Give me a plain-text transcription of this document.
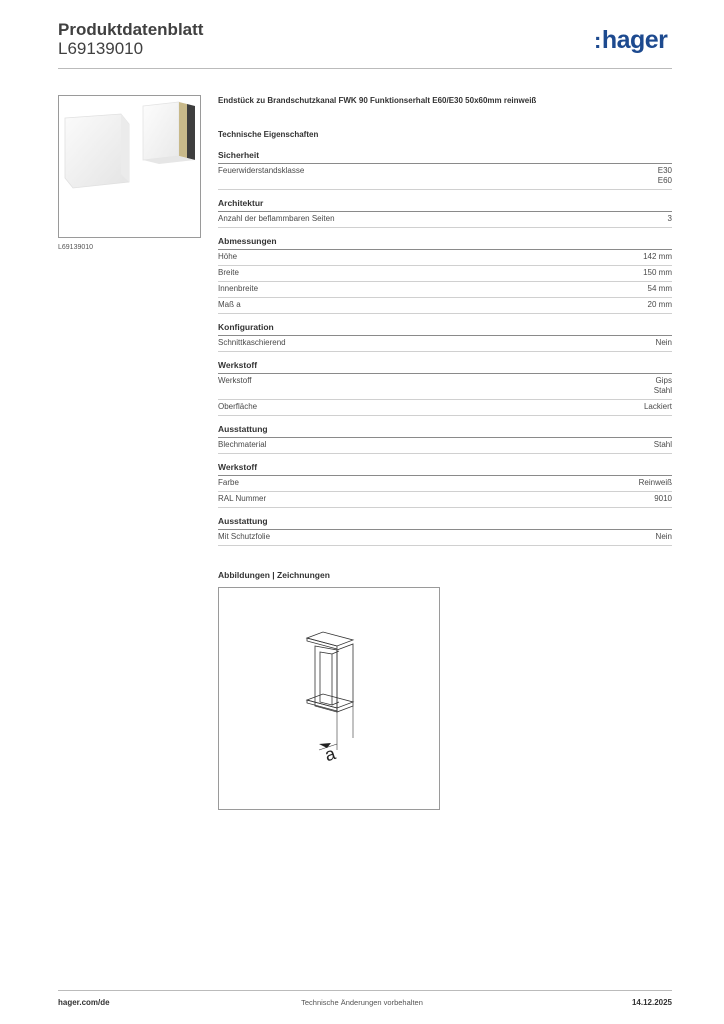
Produktdatenblatt
L69139010	:hager
L69139010
Endstück zu Brandschutzkanal FWK 90 Funktionserhalt E60/E30 50x60mm reinweiß
Technische Eigenschaften
Sicherheit
Feuerwiderstandsklasse	E30
E60
Architektur
Anzahl der beflammbaren Seiten	3
Abmessungen
Höhe	142 mm
Breite	150 mm
Innenbreite	54 mm
Maß a	20 mm
Konfiguration
Schnittkaschierend	Nein
Werkstoff
Werkstoff	Gips
Stahl
Oberfläche	Lackiert
Ausstattung
Blechmaterial	Stahl
Werkstoff
Farbe	Reinweiß
RAL Nummer	9010
Ausstattung
Mit Schutzfolie	Nein
Abbildungen | Zeichnungen
a
hager.com/de	Technische Änderungen vorbehalten	14.12.2025
